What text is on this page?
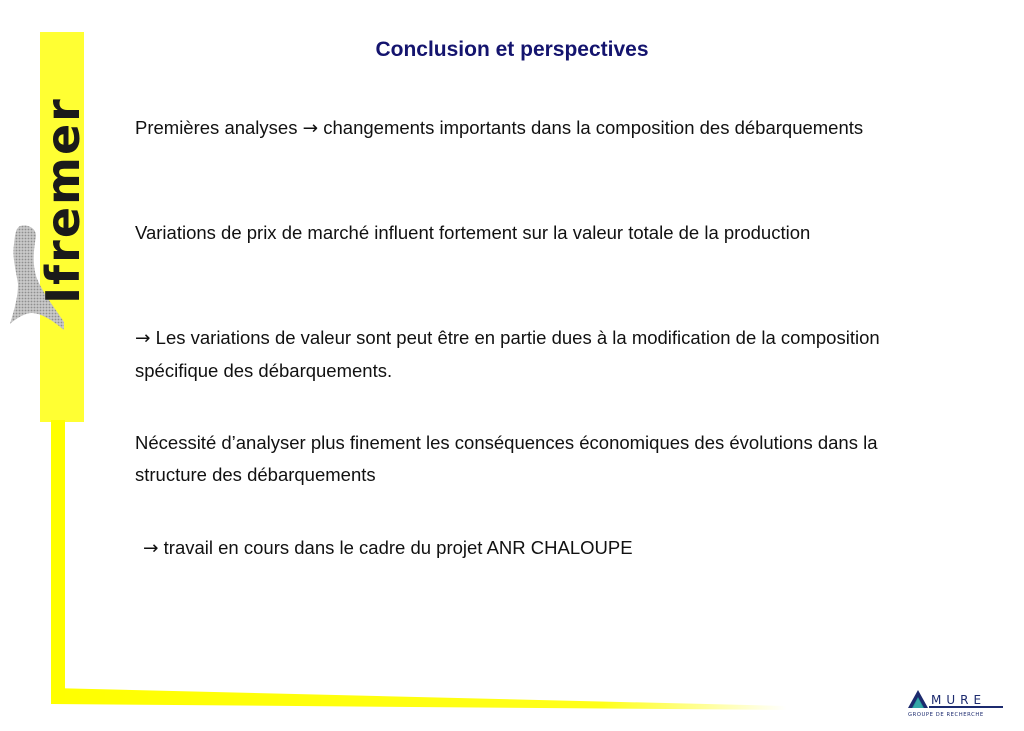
Ifremer
Conclusion et perspectives

Premières analyses → changements importants dans la composition des débarquements

Variations de prix de marché influent fortement sur la valeur totale de la production

→ Les variations de valeur sont peut être en partie dues à la modification de la composition spécifique des débarquements.

Nécessité d’analyser plus finement les conséquences économiques des évolutions dans la structure des débarquements

→ travail en cours dans le cadre du projet ANR CHALOUPE

MURE
GROUPE DE RECHERCHE
